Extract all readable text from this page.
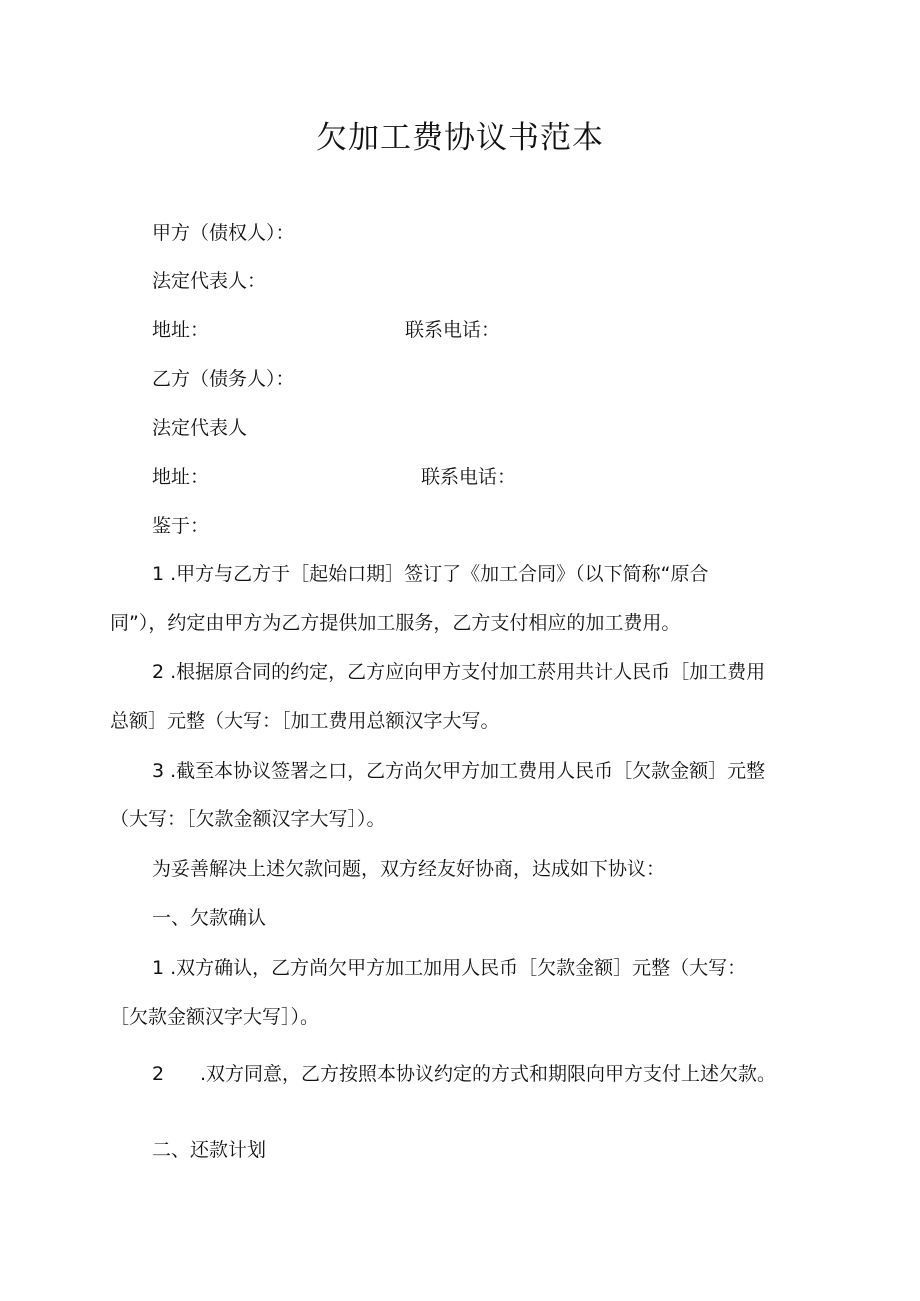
欠加工费协议书范本

甲方（债权人）：

法定代表人：

地址：	联系电话：

乙方（债务人）：

法定代表人

地址：	联系电话：

鉴于：

1 .甲方与乙方于［起始口期］签订了《加工合同》（以下简称“原合

同”），约定由甲方为乙方提供加工服务，乙方支付相应的加工费用。

2 .根据原合同的约定，乙方应向甲方支付加工菸用共计人民币［加工费用

总额］元整（大写：［加工费用总额汉字大写。

3 .截至本协议签署之口，乙方尚欠甲方加工费用人民币［欠款金额］元整

（大写：［欠款金额汉字大写］）。

为妥善解决上述欠款问题，双方经友好协商，达成如下协议：

一、欠款确认

1 .双方确认，乙方尚欠甲方加工加用人民币［欠款金额］元整（大写：

［欠款金额汉字大写］）。

2 .双方同意，乙方按照本协议约定的方式和期限向甲方支付上述欠款。

二、还款计划
